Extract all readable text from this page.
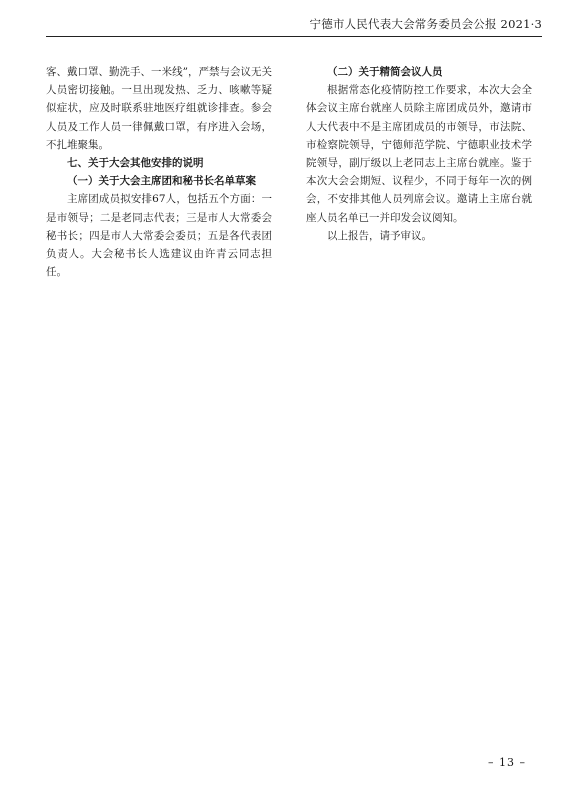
宁德市人民代表大会常务委员会公报 2021·3

客、戴口罩、勤洗手、一米线”，严禁与会议无关人员密切接触。一旦出现发热、乏力、咳嗽等疑似症状，应及时联系驻地医疗组就诊排查。参会人员及工作人员一律佩戴口罩，有序进入会场，不扎堆聚集。

七、关于大会其他安排的说明

（一）关于大会主席团和秘书长名单草案

主席团成员拟安排67人，包括五个方面：一是市领导；二是老同志代表；三是市人大常委会秘书长；四是市人大常委会委员；五是各代表团负责人。大会秘书长人选建议由许青云同志担任。

（二）关于精简会议人员

根据常态化疫情防控工作要求，本次大会全体会议主席台就座人员除主席团成员外，邀请市人大代表中不是主席团成员的市领导，市法院、市检察院领导，宁德师范学院、宁德职业技术学院领导，副厅级以上老同志上主席台就座。鉴于本次大会会期短、议程少，不同于每年一次的例会，不安排其他人员列席会议。邀请上主席台就座人员名单已一并印发会议阅知。

以上报告，请予审议。

– 13 –
